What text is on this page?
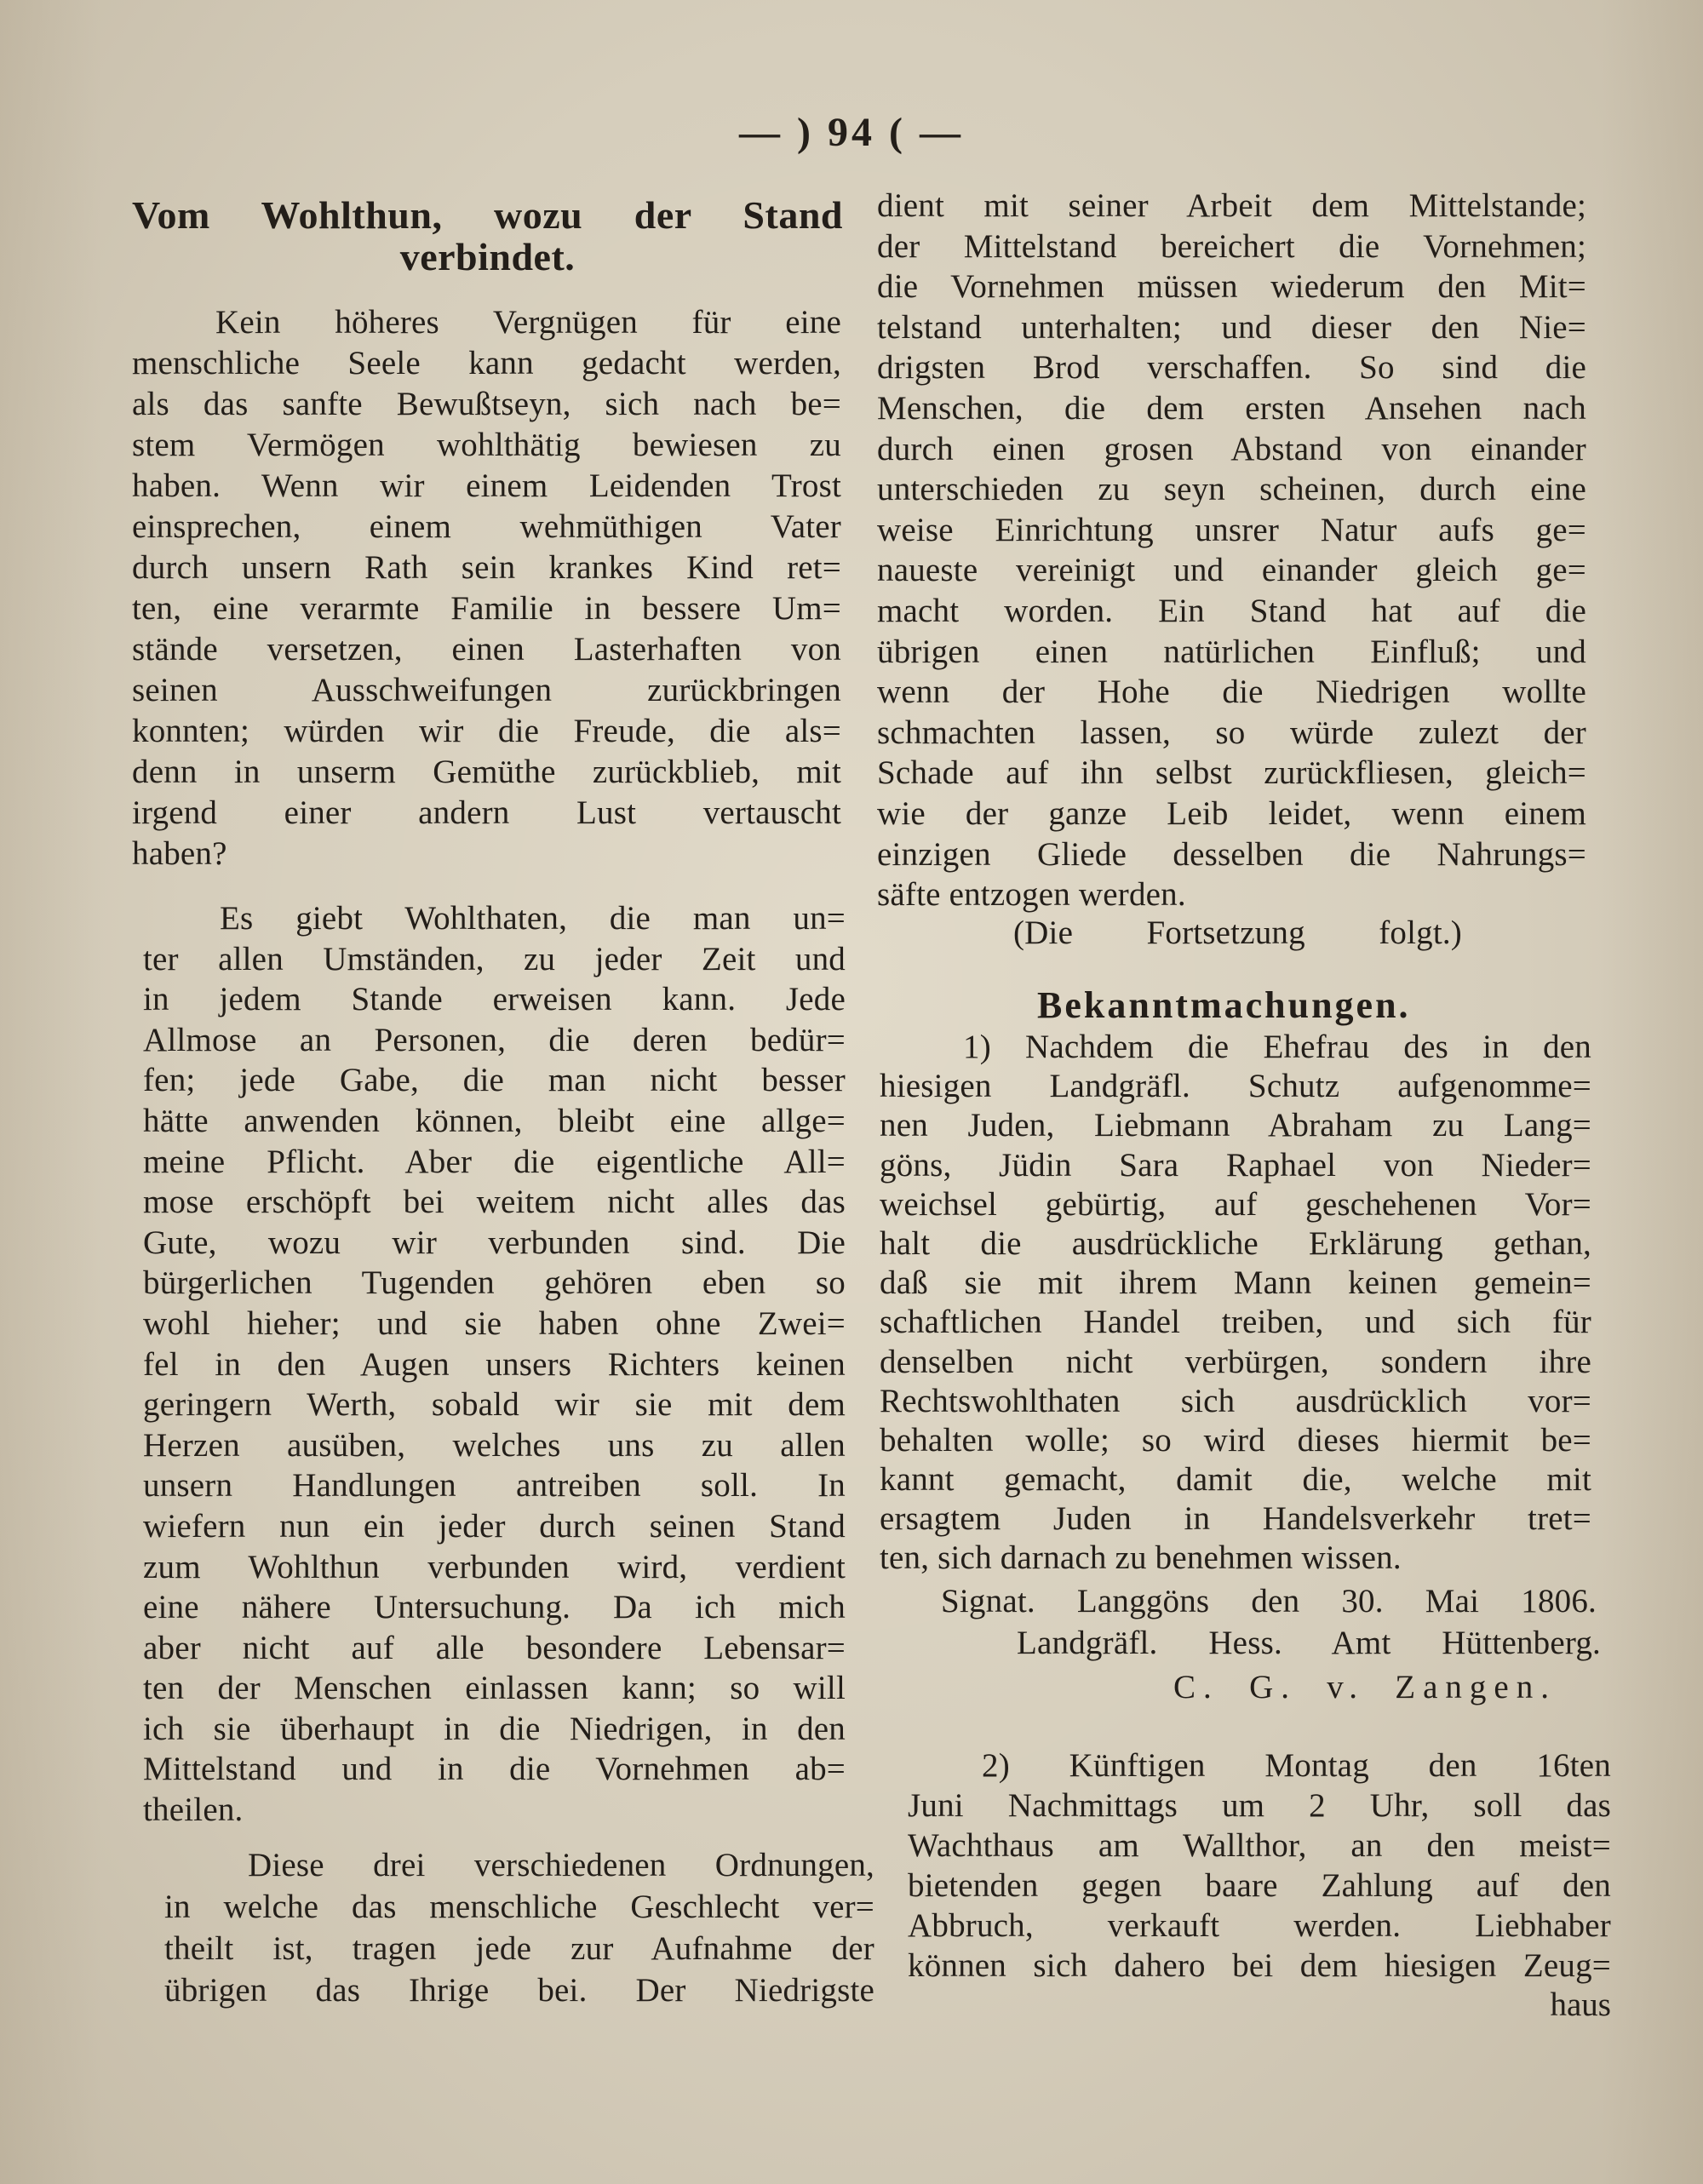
— ) 94 ( —
Vom Wohlthun, wozu der Stand
verbindet.
Kein höheres Vergnügen für eine
menschliche Seele kann gedacht werden,
als das sanfte Bewußtseyn, sich nach be=
stem Vermögen wohlthätig bewiesen zu
haben. Wenn wir einem Leidenden Trost
einsprechen, einem wehmüthigen Vater
durch unsern Rath sein krankes Kind ret=
ten, eine verarmte Familie in bessere Um=
stände versetzen, einen Lasterhaften von
seinen Ausschweifungen zurückbringen
konnten; würden wir die Freude, die als=
denn in unserm Gemüthe zurückblieb, mit
irgend einer andern Lust vertauscht
haben?
Es giebt Wohlthaten, die man un=
ter allen Umständen, zu jeder Zeit und
in jedem Stande erweisen kann. Jede
Allmose an Personen, die deren bedür=
fen; jede Gabe, die man nicht besser
hätte anwenden können, bleibt eine allge=
meine Pflicht. Aber die eigentliche All=
mose erschöpft bei weitem nicht alles das
Gute, wozu wir verbunden sind. Die
bürgerlichen Tugenden gehören eben so
wohl hieher; und sie haben ohne Zwei=
fel in den Augen unsers Richters keinen
geringern Werth, sobald wir sie mit dem
Herzen ausüben, welches uns zu allen
unsern Handlungen antreiben soll. In
wiefern nun ein jeder durch seinen Stand
zum Wohlthun verbunden wird, verdient
eine nähere Untersuchung. Da ich mich
aber nicht auf alle besondere Lebensar=
ten der Menschen einlassen kann; so will
ich sie überhaupt in die Niedrigen, in den
Mittelstand und in die Vornehmen ab=
theilen.
Diese drei verschiedenen Ordnungen,
in welche das menschliche Geschlecht ver=
theilt ist, tragen jede zur Aufnahme der
übrigen das Ihrige bei. Der Niedrigste
dient mit seiner Arbeit dem Mittelstande;
der Mittelstand bereichert die Vornehmen;
die Vornehmen müssen wiederum den Mit=
telstand unterhalten; und dieser den Nie=
drigsten Brod verschaffen. So sind die
Menschen, die dem ersten Ansehen nach
durch einen grosen Abstand von einander
unterschieden zu seyn scheinen, durch eine
weise Einrichtung unsrer Natur aufs ge=
naueste vereinigt und einander gleich ge=
macht worden. Ein Stand hat auf die
übrigen einen natürlichen Einfluß; und
wenn der Hohe die Niedrigen wollte
schmachten lassen, so würde zulezt der
Schade auf ihn selbst zurückfliesen, gleich=
wie der ganze Leib leidet, wenn einem
einzigen Gliede desselben die Nahrungs=
säfte entzogen werden.
(Die Fortsetzung folgt.)
Bekanntmachungen.
1) Nachdem die Ehefrau des in den
hiesigen Landgräfl. Schutz aufgenomme=
nen Juden, Liebmann Abraham zu Lang=
göns, Jüdin Sara Raphael von Nieder=
weichsel gebürtig, auf geschehenen Vor=
halt die ausdrückliche Erklärung gethan,
daß sie mit ihrem Mann keinen gemein=
schaftlichen Handel treiben, und sich für
denselben nicht verbürgen, sondern ihre
Rechtswohlthaten sich ausdrücklich vor=
behalten wolle; so wird dieses hiermit be=
kannt gemacht, damit die, welche mit
ersagtem Juden in Handelsverkehr tret=
ten, sich darnach zu benehmen wissen.
Signat. Langgöns den 30. Mai 1806.
Landgräfl. Hess. Amt Hüttenberg.
C. G. v. Zangen.
2) Künftigen Montag den 16ten
Juni Nachmittags um 2 Uhr, soll das
Wachthaus am Wallthor, an den meist=
bietenden gegen baare Zahlung auf den
Abbruch, verkauft werden. Liebhaber
können sich dahero bei dem hiesigen Zeug=
haus
